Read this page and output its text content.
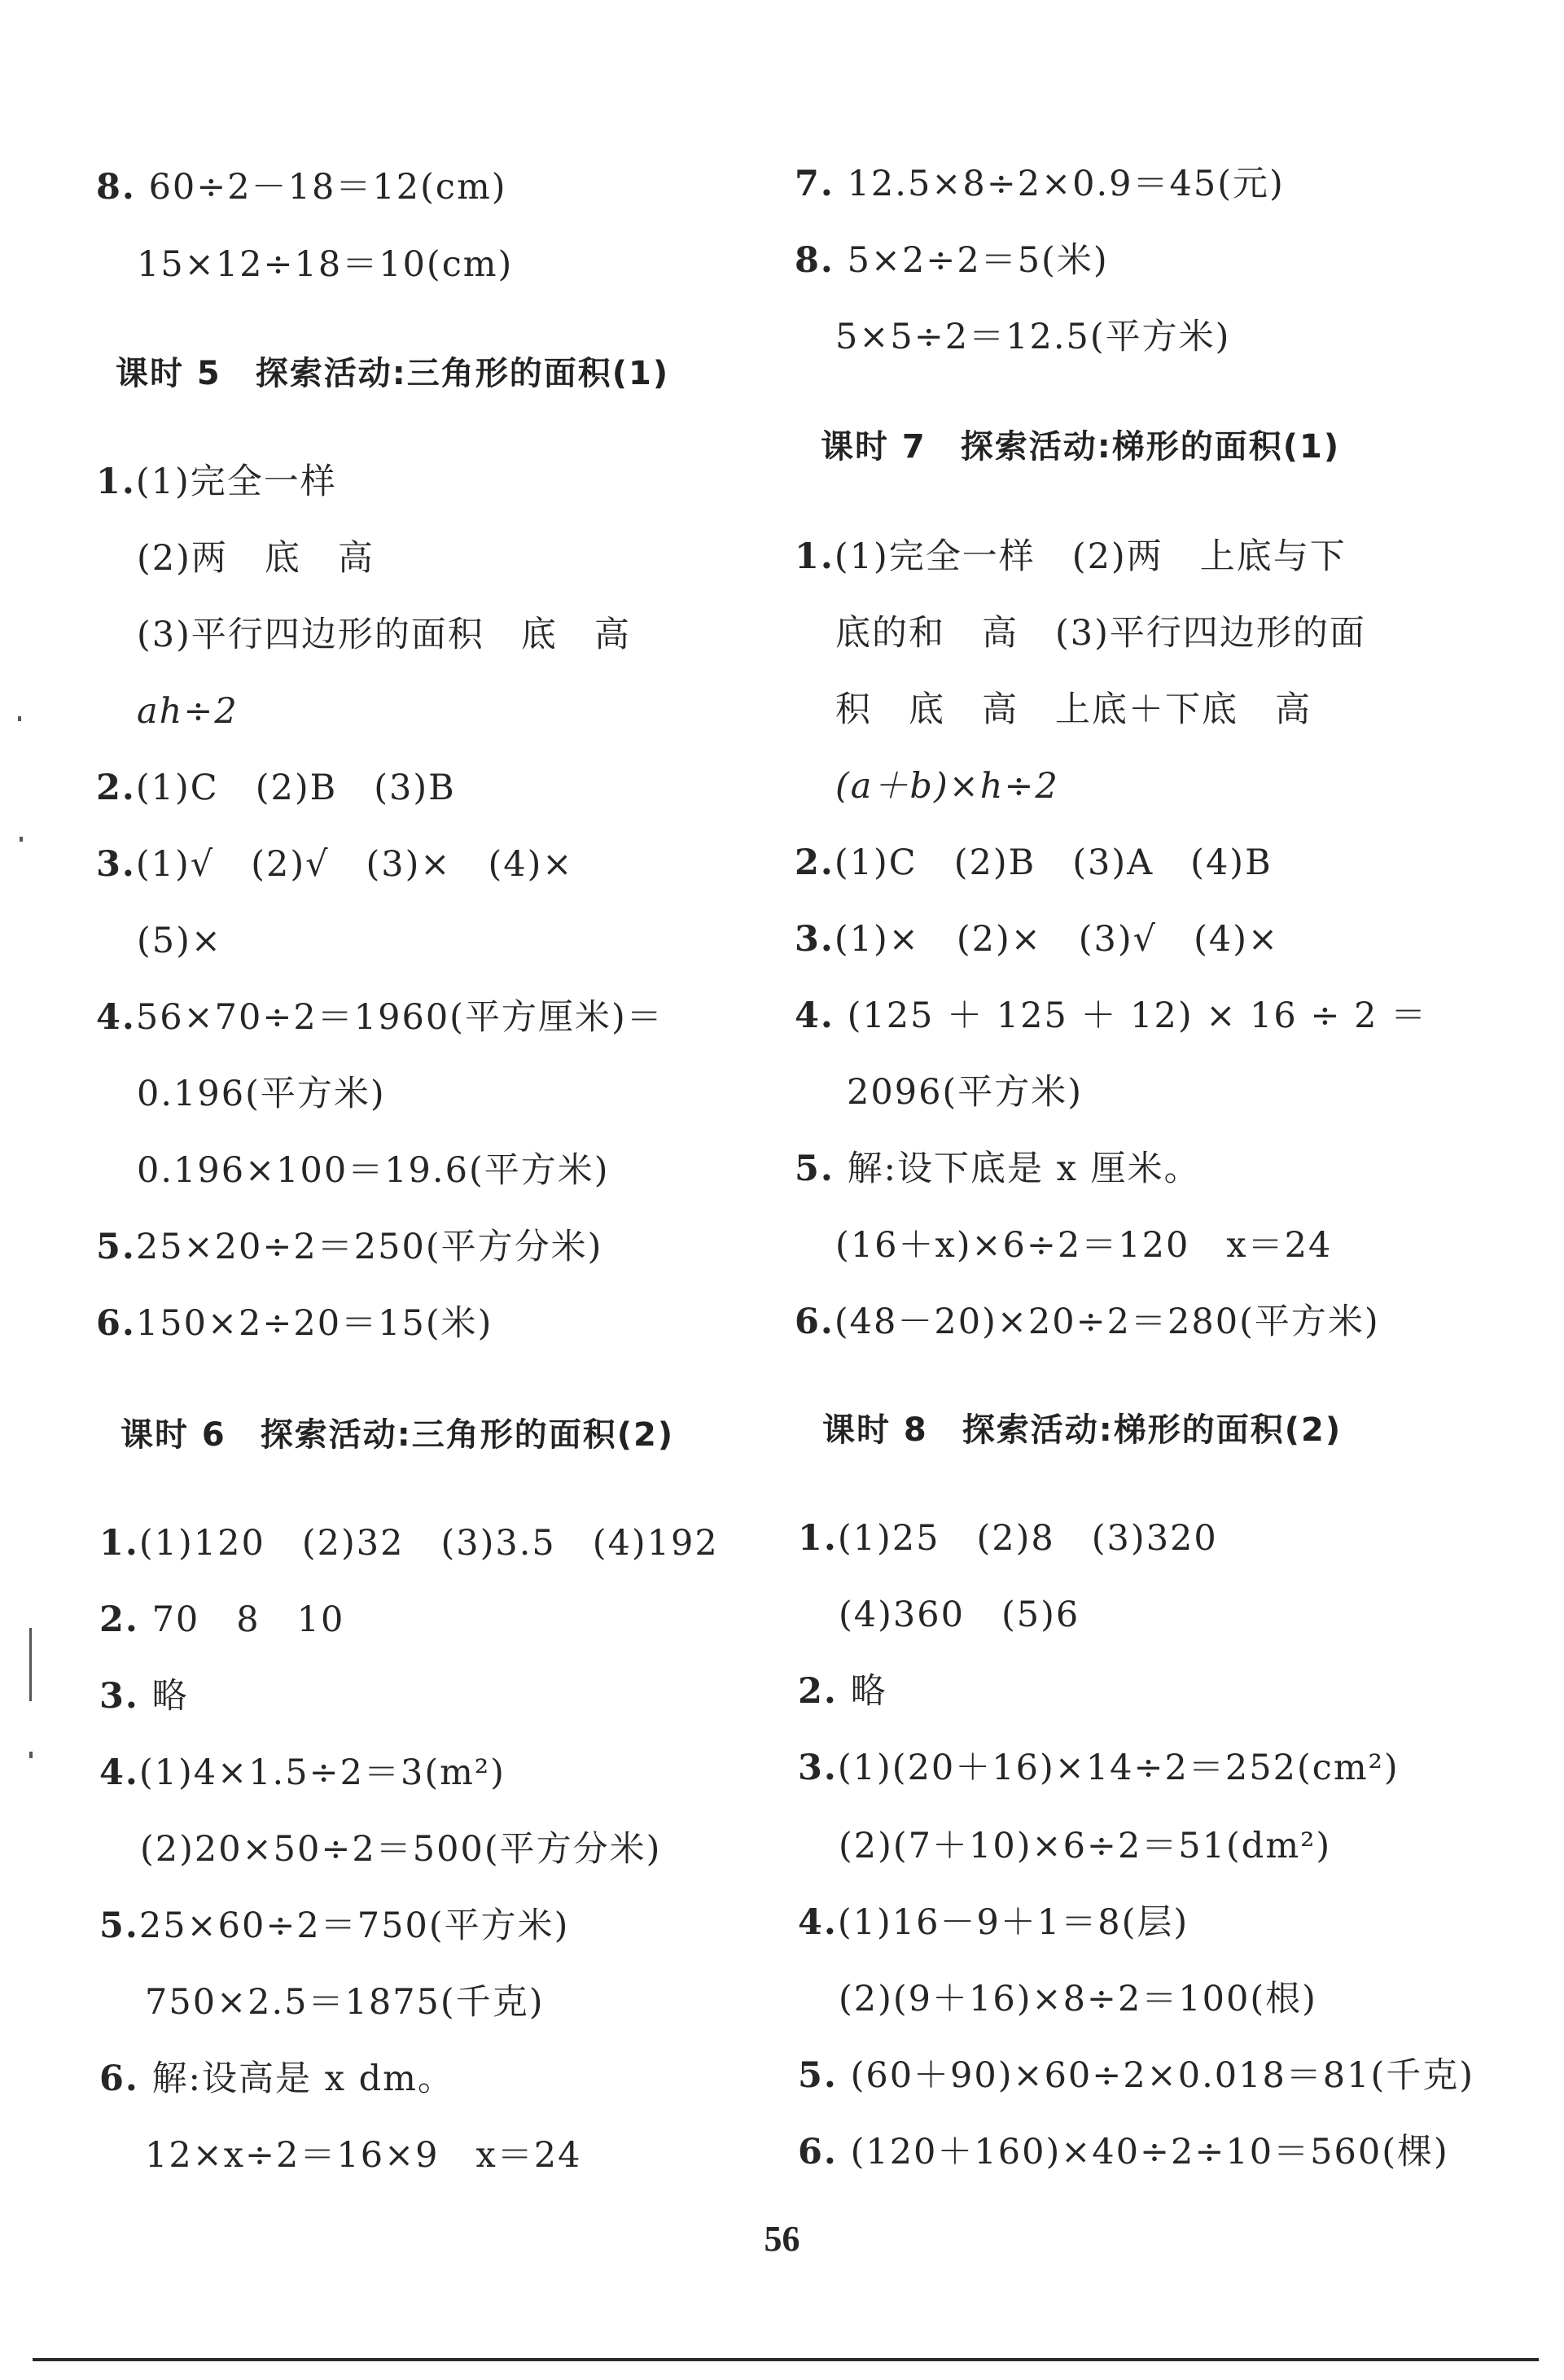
8. 60÷2－18＝12(cm)
15×12÷18＝10(cm)
课时 5　探索活动:三角形的面积(1)
1.(1)完全一样
(2)两　底　高
(3)平行四边形的面积　底　高
ah÷2
2.(1)C　(2)B　(3)B
3.(1)√　(2)√　(3)×　(4)×
(5)×
4.56×70÷2＝1960(平方厘米)＝
0.196(平方米)
0.196×100＝19.6(平方米)
5.25×20÷2＝250(平方分米)
6.150×2÷20＝15(米)
课时 6　探索活动:三角形的面积(2)
1.(1)120　(2)32　(3)3.5　(4)192
2. 70　8　10
3. 略
4.(1)4×1.5÷2＝3(m²)
(2)20×50÷2＝500(平方分米)
5.25×60÷2＝750(平方米)
750×2.5＝1875(千克)
6. 解:设高是 x dm。
12×x÷2＝16×9　x＝24
7. 12.5×8÷2×0.9＝45(元)
8. 5×2÷2＝5(米)
5×5÷2＝12.5(平方米)
课时 7　探索活动:梯形的面积(1)
1.(1)完全一样　(2)两　上底与下
底的和　高　(3)平行四边形的面
积　底　高　上底＋下底　高
(a＋b)×h÷2
2.(1)C　(2)B　(3)A　(4)B
3.(1)×　(2)×　(3)√　(4)×
4. (125 ＋ 125 ＋ 12) × 16 ÷ 2 ＝
2096(平方米)
5. 解:设下底是 x 厘米。
(16＋x)×6÷2＝120　x＝24
6.(48－20)×20÷2＝280(平方米)
课时 8　探索活动:梯形的面积(2)
1.(1)25　(2)8　(3)320
(4)360　(5)6
2. 略
3.(1)(20＋16)×14÷2＝252(cm²)
(2)(7＋10)×6÷2＝51(dm²)
4.(1)16－9＋1＝8(层)
(2)(9＋16)×8÷2＝100(根)
5. (60＋90)×60÷2×0.018＝81(千克)
6. (120＋160)×40÷2÷10＝560(棵)
56
